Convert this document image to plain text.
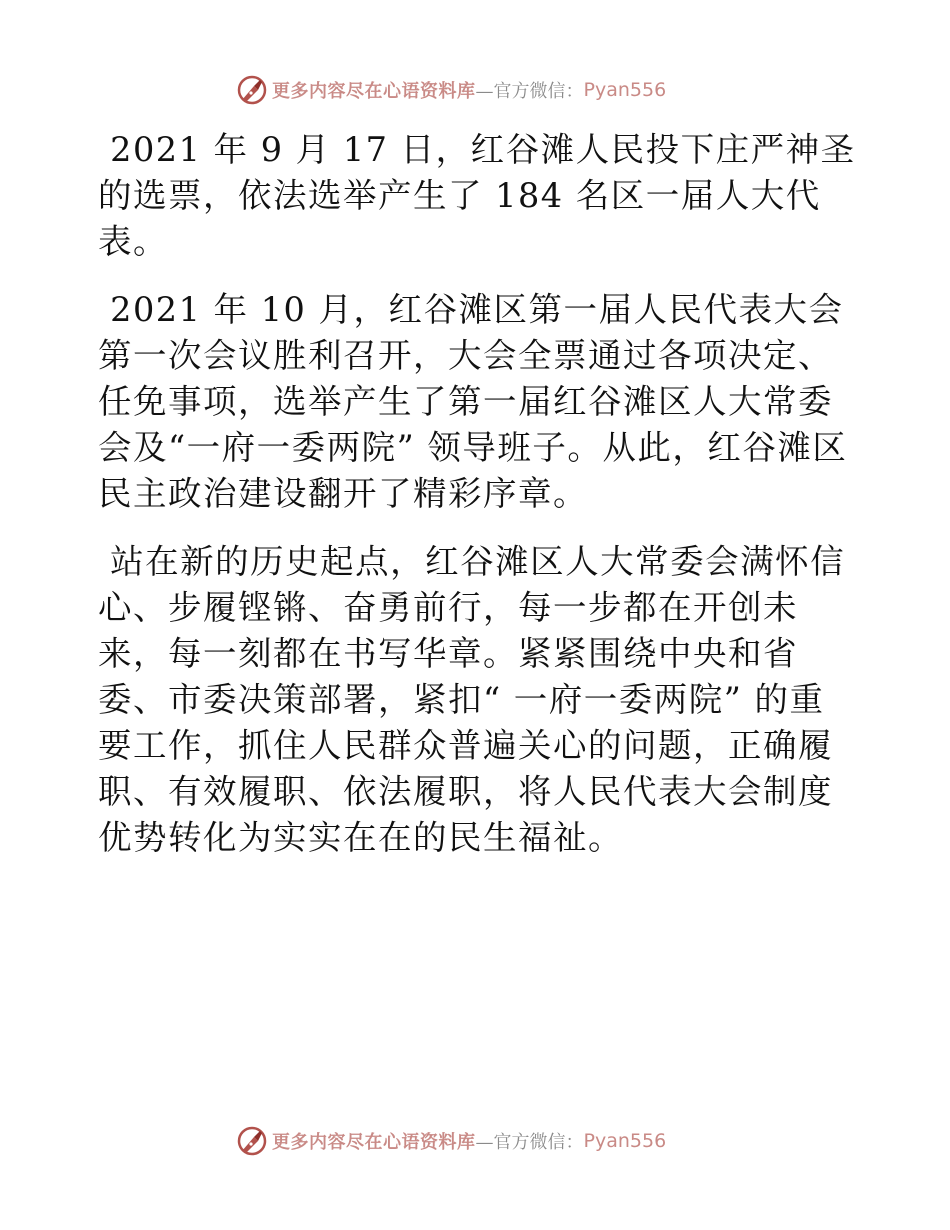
更多内容尽在心语资料库 —官方微信： Pyan556

2021 年 9 月 17 日，红谷滩人民投下庄严神圣的选票，依法选举产生了 184 名区一届人大代表。

2021 年 10 月，红谷滩区第一届人民代表大会第一次会议胜利召开，大会全票通过各项决定、任免事项，选举产生了第一届红谷滩区人大常委会及“一府一委两院” 领导班子。从此，红谷滩区民主政治建设翻开了精彩序章。

站在新的历史起点，红谷滩区人大常委会满怀信心、步履铿锵、奋勇前行，每一步都在开创未来，每一刻都在书写华章。紧紧围绕中央和省委、市委决策部署，紧扣“ 一府一委两院” 的重要工作，抓住人民群众普遍关心的问题，正确履职、有效履职、依法履职，将人民代表大会制度优势转化为实实在在的民生福祉。

更多内容尽在心语资料库 —官方微信： Pyan556
